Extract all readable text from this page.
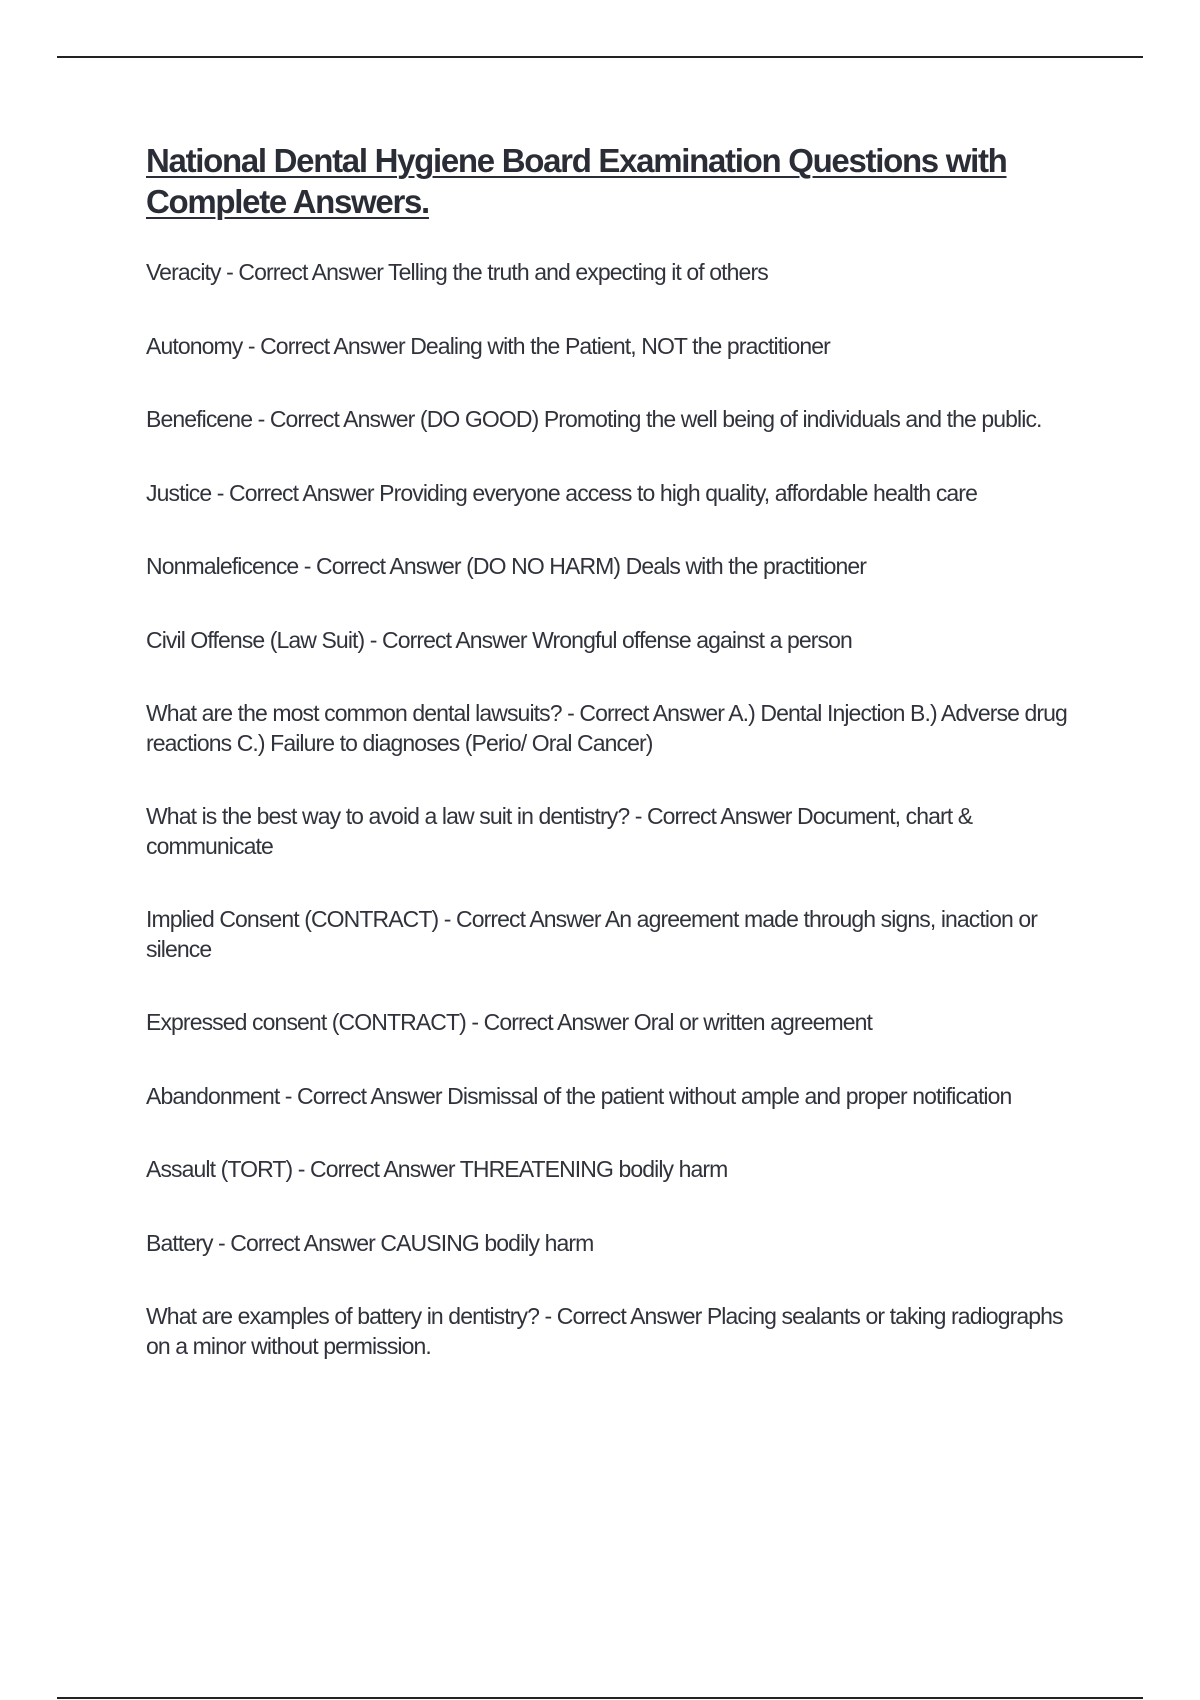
National Dental Hygiene Board Examination Questions with Complete Answers.
Veracity - Correct Answer Telling the truth and expecting it of others
Autonomy - Correct Answer Dealing with the Patient, NOT the practitioner
Beneficene - Correct Answer (DO GOOD) Promoting the well being of individuals and the public.
Justice - Correct Answer Providing everyone access to high quality, affordable health care
Nonmaleficence - Correct Answer (DO NO HARM) Deals with the practitioner
Civil Offense (Law Suit) - Correct Answer Wrongful offense against a person
What are the most common dental lawsuits? - Correct Answer A.) Dental Injection B.) Adverse drug reactions C.) Failure to diagnoses (Perio/ Oral Cancer)
What is the best way to avoid a law suit in dentistry? - Correct Answer Document, chart & communicate
Implied Consent (CONTRACT) - Correct Answer An agreement made through signs, inaction or silence
Expressed consent (CONTRACT) - Correct Answer Oral or written agreement
Abandonment - Correct Answer Dismissal of the patient without ample and proper notification
Assault (TORT) - Correct Answer THREATENING bodily harm
Battery - Correct Answer CAUSING bodily harm
What are examples of battery in dentistry? - Correct Answer Placing sealants or taking radiographs on a minor without permission.
